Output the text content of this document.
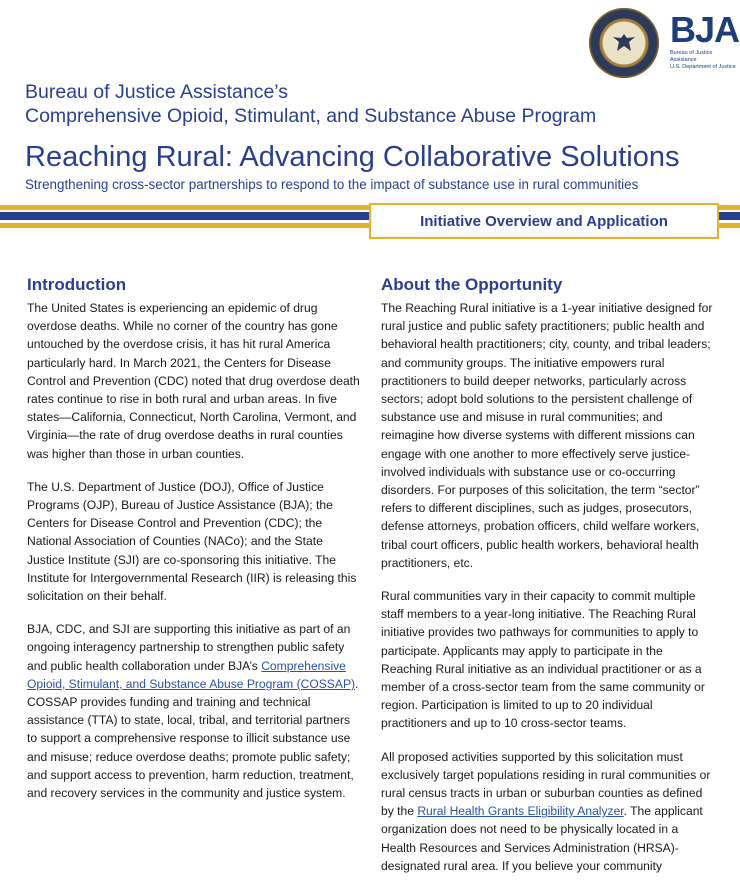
BJA
Bureau of Justice Assistance
U.S. Department of Justice
Bureau of Justice Assistance’s
Comprehensive Opioid, Stimulant, and Substance Abuse Program
Reaching Rural: Advancing Collaborative Solutions
Strengthening cross-sector partnerships to respond to the impact of substance use in rural communities
Initiative Overview and Application
Introduction

The United States is experiencing an epidemic of drug overdose deaths. While no corner of the country has gone untouched by the overdose crisis, it has hit rural America particularly hard. In March 2021, the Centers for Disease Control and Prevention (CDC) noted that drug overdose death rates continue to rise in both rural and urban areas. In five states—California, Connecticut, North Carolina, Vermont, and Virginia—the rate of drug overdose deaths in rural counties was higher than those in urban counties.

The U.S. Department of Justice (DOJ), Office of Justice Programs (OJP), Bureau of Justice Assistance (BJA); the Centers for Disease Control and Prevention (CDC); the National Association of Counties (NACo); and the State Justice Institute (SJI) are co-sponsoring this initiative. The Institute for Intergovernmental Research (IIR) is releasing this solicitation on their behalf.

BJA, CDC, and SJI are supporting this initiative as part of an ongoing interagency partnership to strengthen public safety and public health collaboration under BJA’s Comprehensive Opioid, Stimulant, and Substance Abuse Program (COSSAP). COSSAP provides funding and training and technical assistance (TTA) to state, local, tribal, and territorial partners to support a comprehensive response to illicit substance use and misuse; reduce overdose deaths; promote public safety; and support access to prevention, harm reduction, treatment, and recovery services in the community and justice system.

About the Opportunity

The Reaching Rural initiative is a 1-year initiative designed for rural justice and public safety practitioners; public health and behavioral health practitioners; city, county, and tribal leaders; and community groups. The initiative empowers rural practitioners to build deeper networks, particularly across sectors; adopt bold solutions to the persistent challenge of substance use and misuse in rural communities; and reimagine how diverse systems with different missions can engage with one another to more effectively serve justice-involved individuals with substance use or co-occurring disorders. For purposes of this solicitation, the term “sector” refers to different disciplines, such as judges, prosecutors, defense attorneys, probation officers, child welfare workers, tribal court officers, public health workers, behavioral health practitioners, etc.

Rural communities vary in their capacity to commit multiple staff members to a year-long initiative. The Reaching Rural initiative provides two pathways for communities to apply to participate. Applicants may apply to participate in the Reaching Rural initiative as an individual practitioner or as a member of a cross-sector team from the same community or region. Participation is limited to up to 20 individual practitioners and up to 10 cross-sector teams.

All proposed activities supported by this solicitation must exclusively target populations residing in rural communities or rural census tracts in urban or suburban counties as defined by the Rural Health Grants Eligibility Analyzer. The applicant organization does not need to be physically located in a Health Resources and Services Administration (HRSA)-designated rural area. If you believe your community
